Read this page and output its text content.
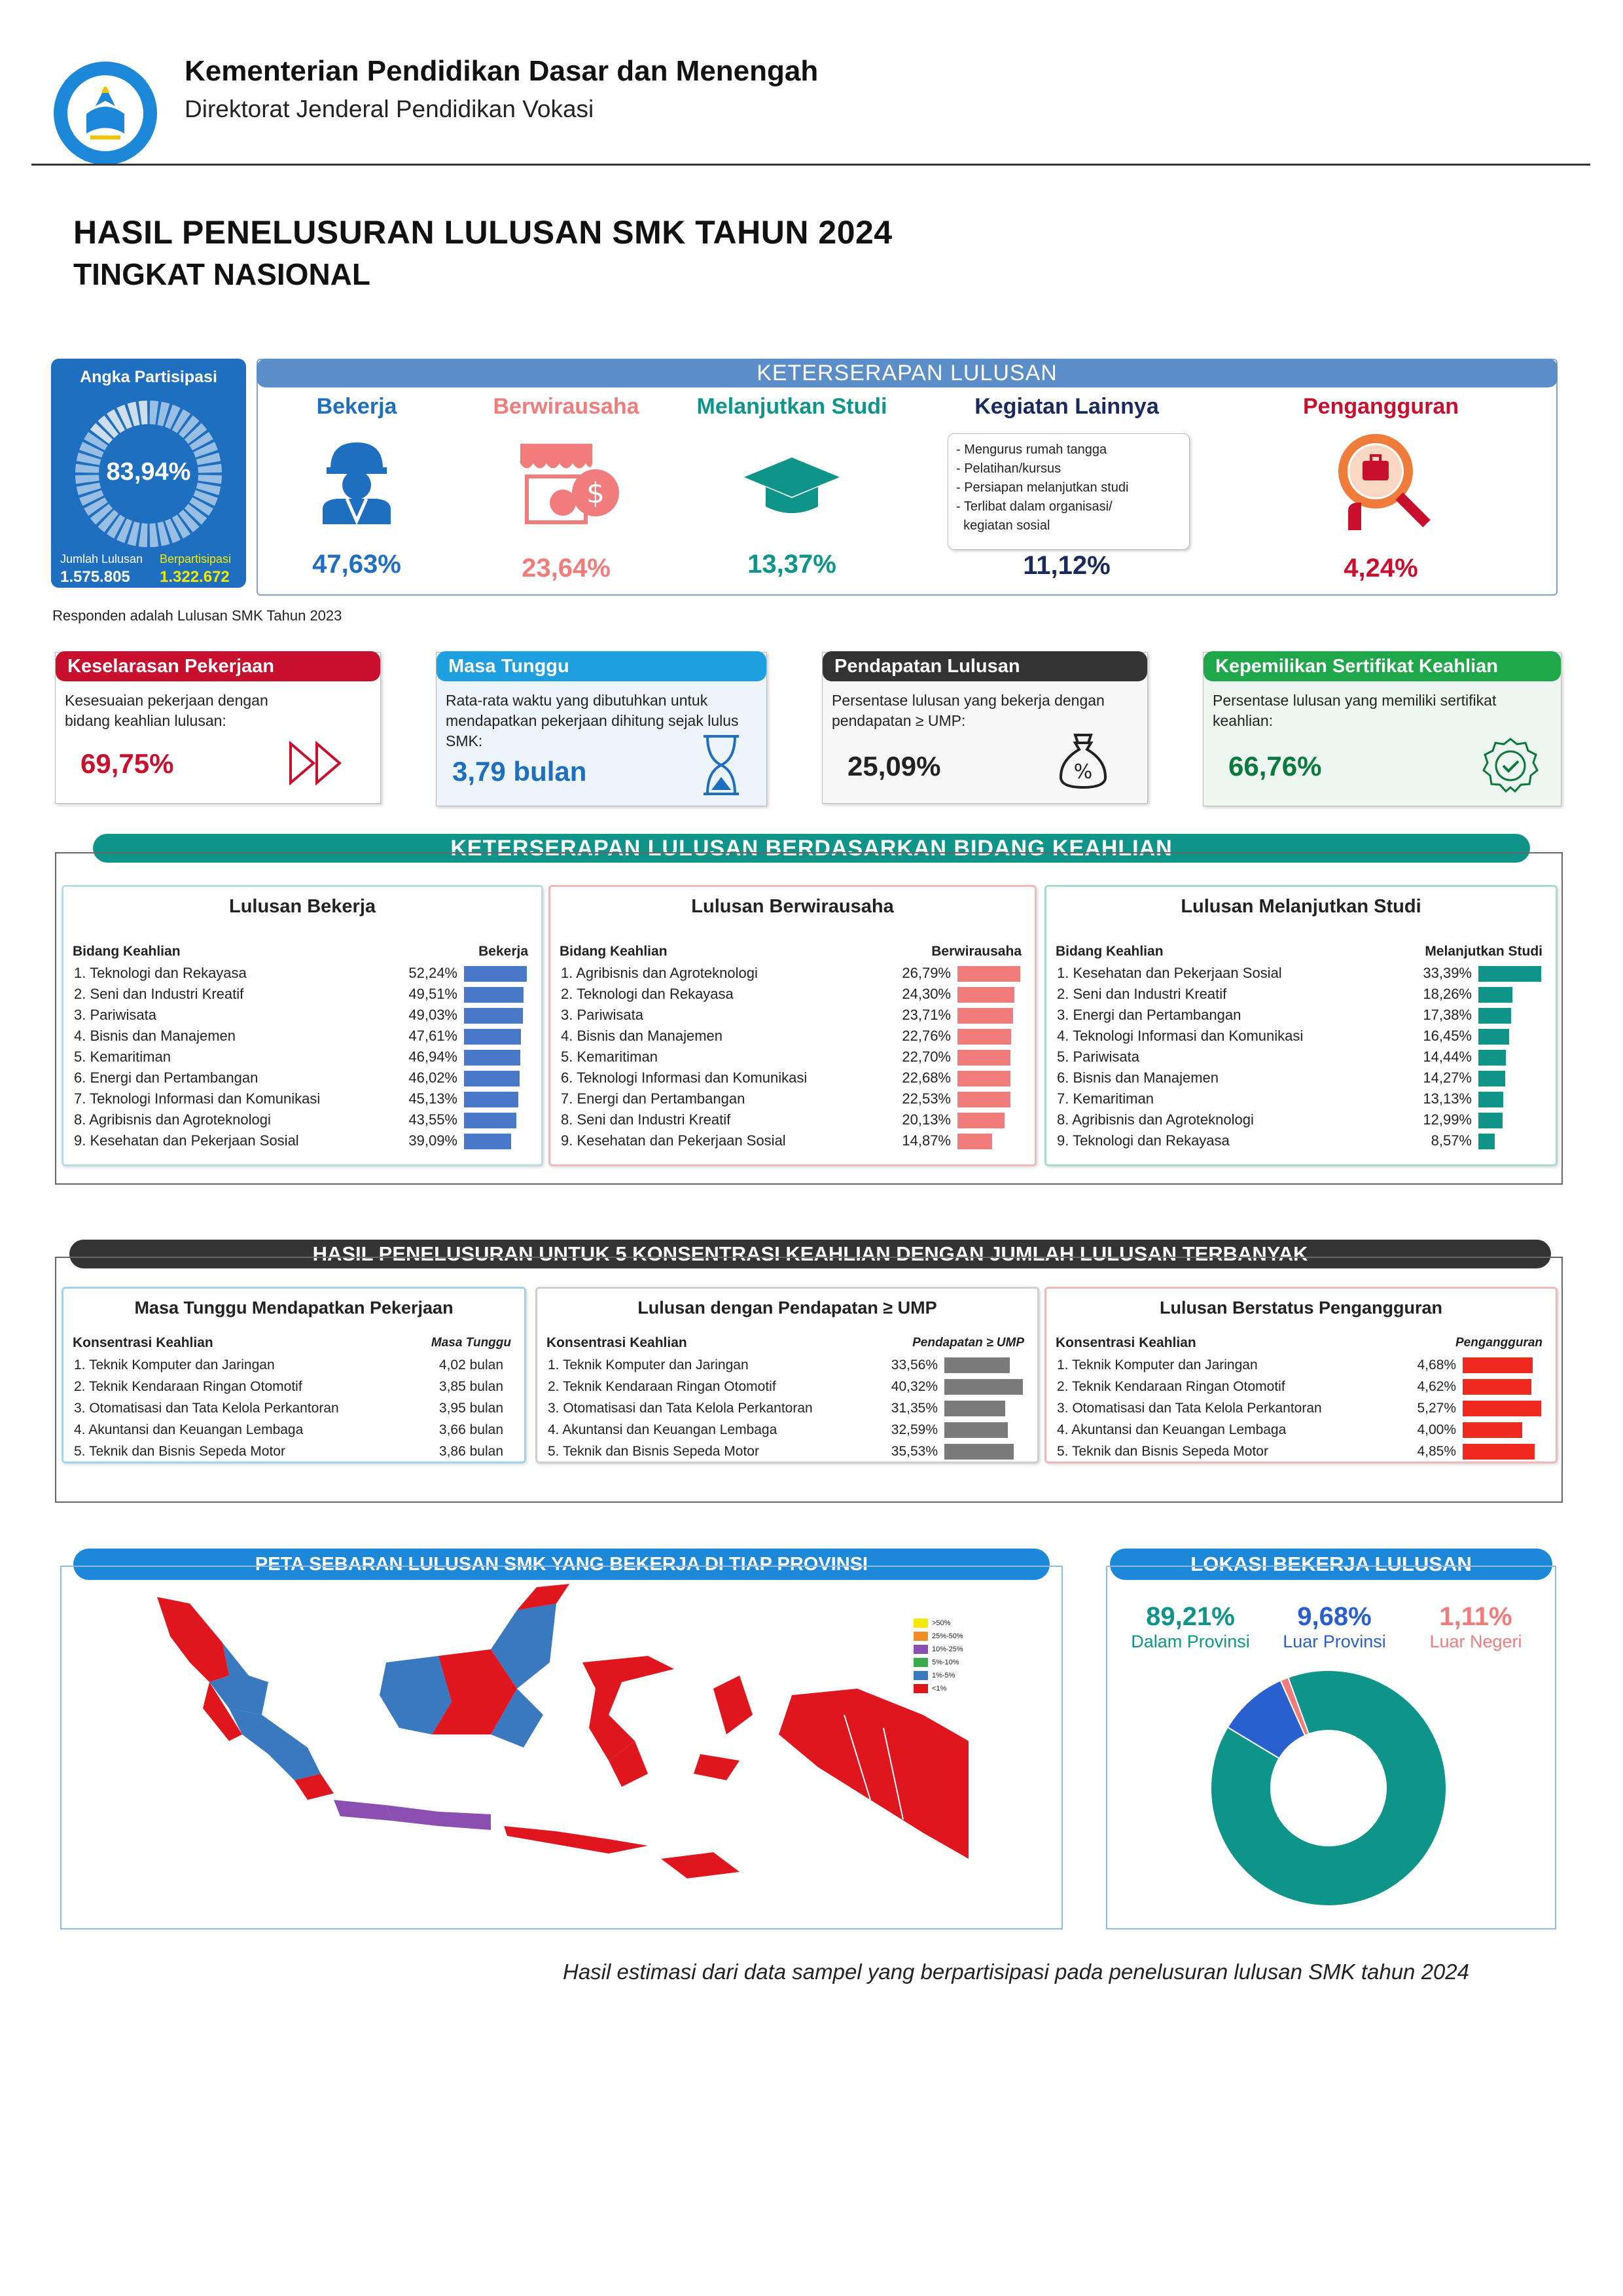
Kementerian Pendidikan Dasar dan Menengah
Direktorat Jenderal Pendidikan Vokasi
HASIL PENELUSURAN LULUSAN SMK TAHUN 2024
TINGKAT NASIONAL
Angka Partisipasi
83,94%
Jumlah Lulusan Berpartisipasi
1.575.805 1.322.672
KETERSERAPAN LULUSAN
Bekerja
47,63%
Berwirausaha
$
23,64%
Melanjutkan Studi
13,37%
Kegiatan Lainnya
- Mengurus rumah tangga
- Pelatihan/kursus
- Persiapan melanjutkan studi
- Terlibat dalam organisasi/
kegiatan sosial
11,12%
Pengangguran
4,24%
Responden adalah Lulusan SMK Tahun 2023
Keselarasan Pekerjaan
Kesesuaian pekerjaan dengan bidang keahlian lulusan:
69,75%
Masa Tunggu
Rata-rata waktu yang dibutuhkan untuk mendapatkan pekerjaan dihitung sejak lulus SMK:
3,79 bulan
Pendapatan Lulusan
Persentase lulusan yang bekerja dengan pendapatan ≥ UMP:
25,09%	%
Kepemilikan Sertifikat Keahlian
Persentase lulusan yang memiliki sertifikat keahlian:
66,76%
KETERSERAPAN LULUSAN BERDASARKAN BIDANG KEAHLIAN
Lulusan Bekerja
Bidang Keahlian	Bekerja	
1. Teknologi dan Rekayasa	52,24%	
2. Seni dan Industri Kreatif	49,51%	
3. Pariwisata	49,03%	
4. Bisnis dan Manajemen	47,61%	
5. Kemaritiman	46,94%	
6. Energi dan Pertambangan	46,02%	
7. Teknologi Informasi dan Komunikasi	45,13%	
8. Agribisnis dan Agroteknologi	43,55%	
9. Kesehatan dan Pekerjaan Sosial	39,09%	
Lulusan Berwirausaha
Bidang Keahlian	Berwirausaha	
1. Agribisnis dan Agroteknologi	26,79%	
2. Teknologi dan Rekayasa	24,30%	
3. Pariwisata	23,71%	
4. Bisnis dan Manajemen	22,76%	
5. Kemaritiman	22,70%	
6. Teknologi Informasi dan Komunikasi	22,68%	
7. Energi dan Pertambangan	22,53%	
8. Seni dan Industri Kreatif	20,13%	
9. Kesehatan dan Pekerjaan Sosial	14,87%	
Lulusan Melanjutkan Studi
Bidang Keahlian	Melanjutkan Studi	
1. Kesehatan dan Pekerjaan Sosial	33,39%	
2. Seni dan Industri Kreatif	18,26%	
3. Energi dan Pertambangan	17,38%	
4. Teknologi Informasi dan Komunikasi	16,45%	
5. Pariwisata	14,44%	
6. Bisnis dan Manajemen	14,27%	
7. Kemaritiman	13,13%	
8. Agribisnis dan Agroteknologi	12,99%	
9. Teknologi dan Rekayasa	8,57%	
HASIL PENELUSURAN UNTUK 5 KONSENTRASI KEAHLIAN DENGAN JUMLAH LULUSAN TERBANYAK
Masa Tunggu Mendapatkan Pekerjaan
Konsentrasi Keahlian	Masa Tunggu	
1. Teknik Komputer dan Jaringan	4,02 bulan	
2. Teknik Kendaraan Ringan Otomotif	3,85 bulan	
3. Otomatisasi dan Tata Kelola Perkantoran	3,95 bulan	
4. Akuntansi dan Keuangan Lembaga	3,66 bulan	
5. Teknik dan Bisnis Sepeda Motor	3,86 bulan	
Lulusan dengan Pendapatan ≥ UMP
Konsentrasi Keahlian	Pendapatan ≥ UMP	
1. Teknik Komputer dan Jaringan	33,56%	
2. Teknik Kendaraan Ringan Otomotif	40,32%	
3. Otomatisasi dan Tata Kelola Perkantoran	31,35%	
4. Akuntansi dan Keuangan Lembaga	32,59%	
5. Teknik dan Bisnis Sepeda Motor	35,53%	
Lulusan Berstatus Pengangguran
Konsentrasi Keahlian	Pengangguran	
1. Teknik Komputer dan Jaringan	4,68%	
2. Teknik Kendaraan Ringan Otomotif	4,62%	
3. Otomatisasi dan Tata Kelola Perkantoran	5,27%	
4. Akuntansi dan Keuangan Lembaga	4,00%	
5. Teknik dan Bisnis Sepeda Motor	4,85%	
PETA SEBARAN LULUSAN SMK YANG BEKERJA DI TIAP PROVINSI
>50%
25%-50%
10%-25%
5%-10%
1%-5%
<1%
LOKASI BEKERJA LULUSAN
89,21%
Dalam Provinsi
9,68%
Luar Provinsi
1,11%
Luar Negeri
Hasil estimasi dari data sampel yang berpartisipasi pada penelusuran lulusan SMK tahun 2024
